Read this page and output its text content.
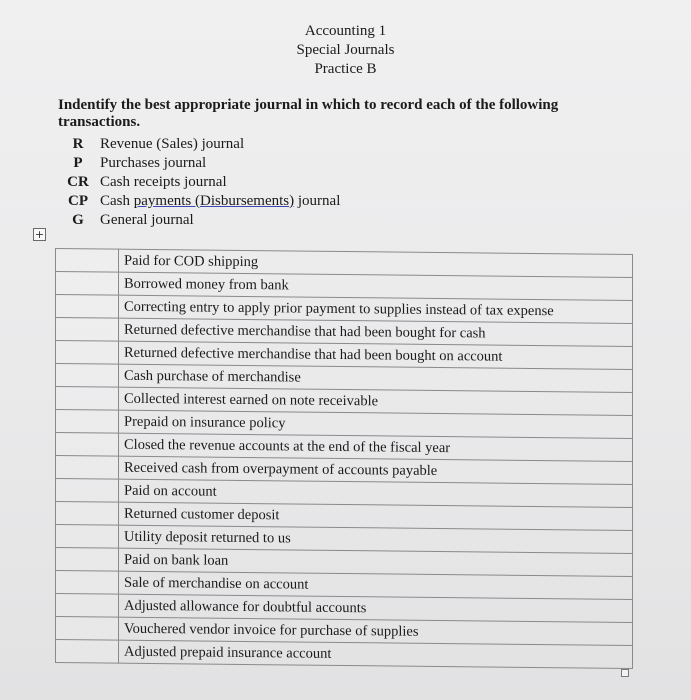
Accounting 1
Special Journals
Practice B
Indentify the best appropriate journal in which to record each of the following transactions.
R	Revenue (Sales) journal
P	Purchases journal
CR Cash receipts journal
CP Cash payments (Disbursements) journal
G	General journal
+
	Paid for COD shipping
	Borrowed money from bank
	Correcting entry to apply prior payment to supplies instead of tax expense
	Returned defective merchandise that had been bought for cash
	Returned defective merchandise that had been bought on account
	Cash purchase of merchandise
	Collected interest earned on note receivable
	Prepaid on insurance policy
	Closed the revenue accounts at the end of the fiscal year
	Received cash from overpayment of accounts payable
	Paid on account
	Returned customer deposit
	Utility deposit returned to us
	Paid on bank loan
	Sale of merchandise on account
	Adjusted allowance for doubtful accounts
	Vouchered vendor invoice for purchase of supplies
	Adjusted prepaid insurance account
